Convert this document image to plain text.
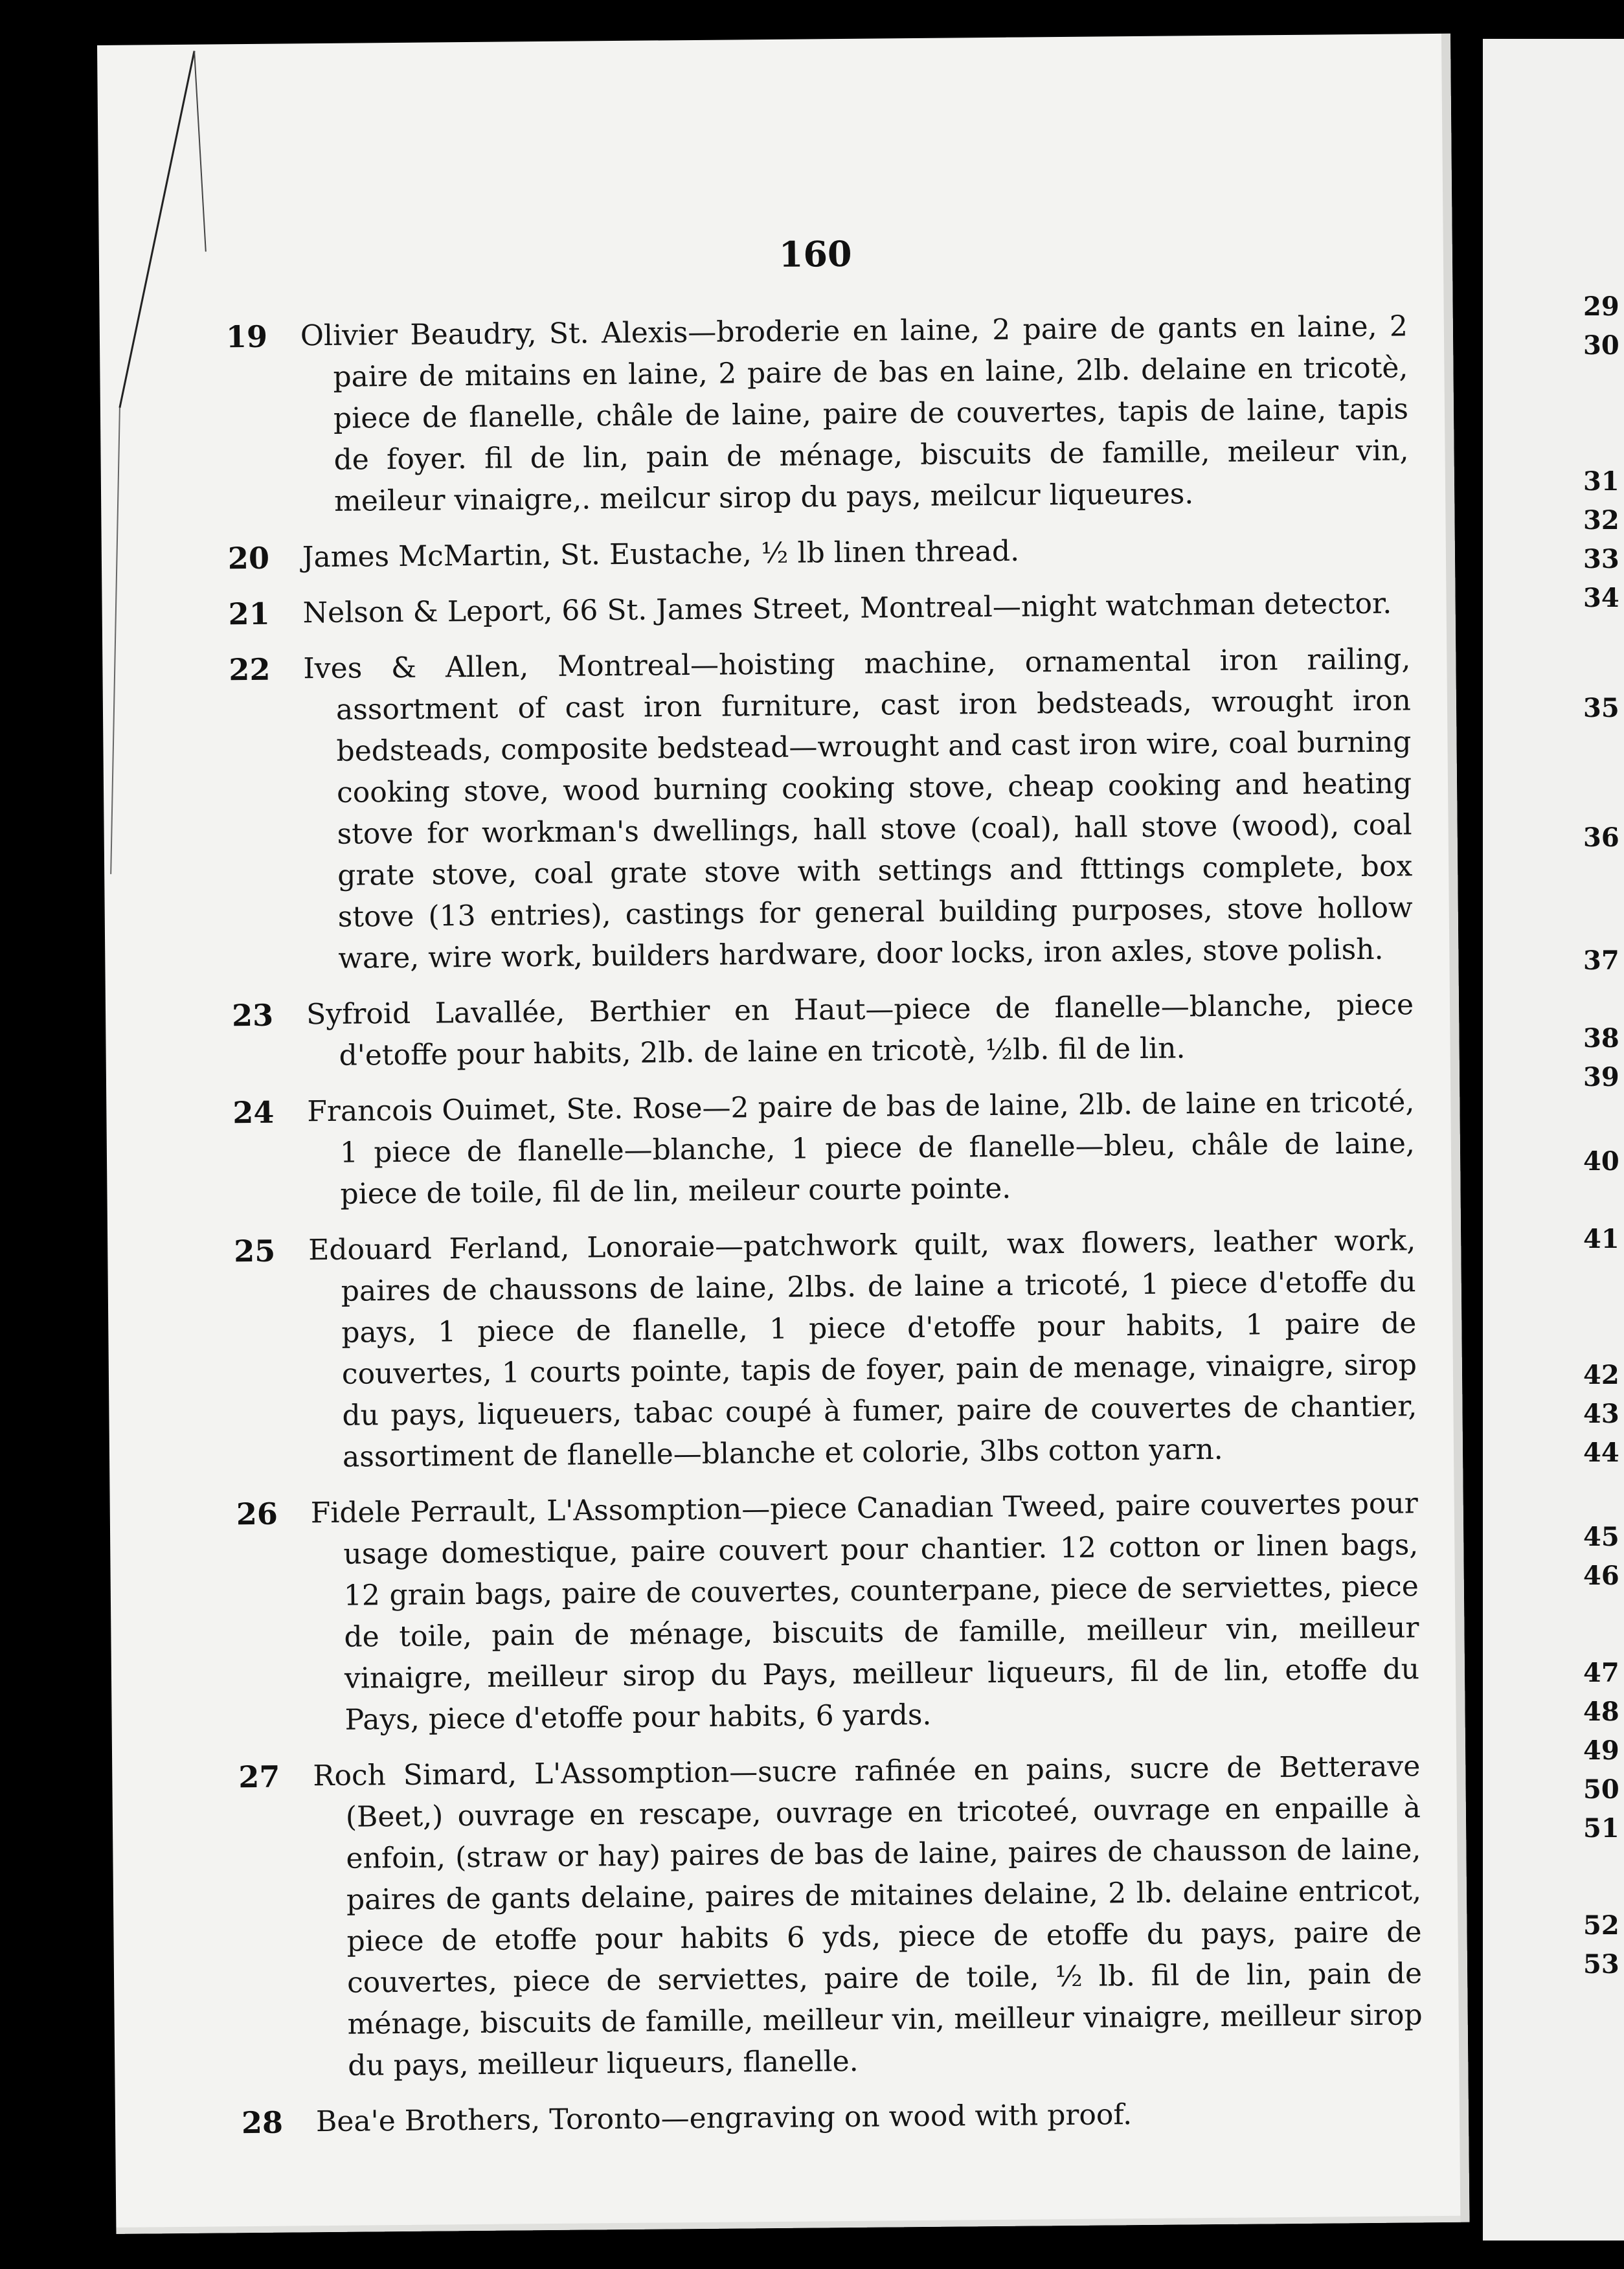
160
19 Olivier Beaudry, St. Alexis—broderie en laine, 2 paire de gants en laine, 2 paire de mitains en laine, 2 paire de bas en laine, 2lb. delaine en tricotè, piece de flanelle, châle de laine, paire de couvertes, tapis de laine, tapis de foyer. fil de lin, pain de ménage, biscuits de famille, meileur vin, meileur vinaigre,. meilcur sirop du pays, meilcur liqueures.
20 James McMartin, St. Eustache, ½ lb linen thread.
21 Nelson & Leport, 66 St. James Street, Montreal—night watchman detector.
22 Ives & Allen, Montreal—hoisting machine, ornamental iron railing, assortment of cast iron furniture, cast iron bedsteads, wrought iron bedsteads, composite bedstead—wrought and cast iron wire, coal burning cooking stove, wood burning cooking stove, cheap cooking and heating stove for workman's dwellings, hall stove (coal), hall stove (wood), coal grate stove, coal grate stove with settings and ftttings complete, box stove (13 entries), castings for general building purposes, stove hollow ware, wire work, builders hardware, door locks, iron axles, stove polish.
23 Syfroid Lavallée, Berthier en Haut—piece de flanelle—blanche, piece d'etoffe pour habits, 2lb. de laine en tricotè, ½lb. fil de lin.
24 Francois Ouimet, Ste. Rose—2 paire de bas de laine, 2lb. de laine en tricoté, 1 piece de flanelle—blanche, 1 piece de flanelle—bleu, châle de laine, piece de toile, fil de lin, meileur courte pointe.
25 Edouard Ferland, Lonoraie—patchwork quilt, wax flowers, leather work, paires de chaussons de laine, 2lbs. de laine a tricoté, 1 piece d'etoffe du pays, 1 piece de flanelle, 1 piece d'etoffe pour habits, 1 paire de couvertes, 1 courts pointe, tapis de foyer, pain de menage, vinaigre, sirop du pays, liqueuers, tabac coupé à fumer, paire de couvertes de chantier, assortiment de flanelle—blanche et colorie, 3lbs cotton yarn.
26 Fidele Perrault, L'Assomption—piece Canadian Tweed, paire couvertes pour usage domestique, paire couvert pour chantier. 12 cotton or linen bags, 12 grain bags, paire de couvertes, counterpane, piece de serviettes, piece de toile, pain de ménage, biscuits de famille, meilleur vin, meilleur vinaigre, meilleur sirop du Pays, meilleur liqueurs, fil de lin, etoffe du Pays, piece d'etoffe pour habits, 6 yards.
27 Roch Simard, L'Assomption—sucre rafinée en pains, sucre de Betterave (Beet,) ouvrage en rescape, ouvrage en tricoteé, ouvrage en enpaille à enfoin, (straw or hay) paires de bas de laine, paires de chausson de laine, paires de gants delaine, paires de mitaines delaine, 2 lb. delaine entricot, piece de etoffe pour habits 6 yds, piece de etoffe du pays, paire de couvertes, piece de serviettes, paire de toile, ½ lb. fil de lin, pain de ménage, biscuits de famille, meilleur vin, meilleur vinaigre, meilleur sirop du pays, meilleur liqueurs, flanelle.
28 Bea'e Brothers, Toronto—engraving on wood with proof.
29
30
31
32
33
34
35
36
37
38
39
40
41
42
43
44
45
46
47
48
49
50
51
52
53
